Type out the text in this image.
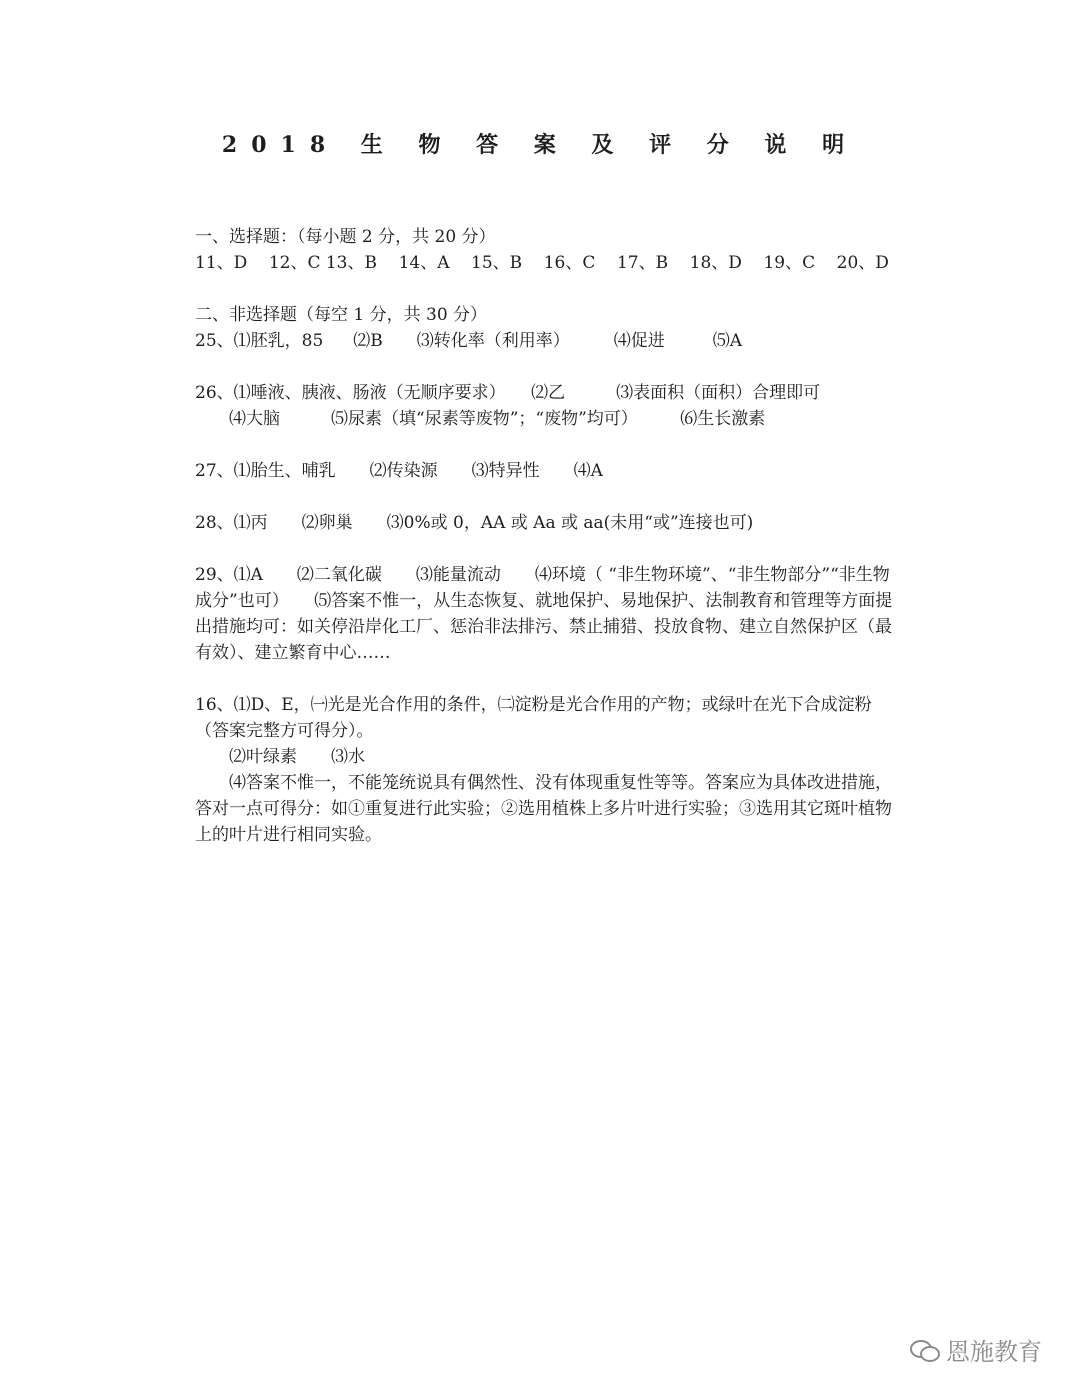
2018 生 物 答 案 及 评 分 说 明
一、选择题：（每小题 2 分，共 20 分）
11、D 12、C 13、B 14、A 15、B 16、C 17、B 18、D 19、C 20、D
二、非选择题（每空 1 分，共 30 分）
25、⑴胚乳，85 ⑵B ⑶转化率（利用率）	⑷促进	⑸A
26、⑴唾液、胰液、肠液（无顺序要求）　　⑵乙　　　⑶表面积（面积）合理即可
⑷大脑　　　⑸尿素（填“尿素等废物”；“废物”均可）　　　⑹生长激素
27、⑴胎生、哺乳　　⑵传染源　　⑶特异性　　⑷A
28、⑴丙　　⑵卵巢　　⑶0%或 0，AA 或 Aa 或 aa(未用“或”连接也可)
29、⑴A　　⑵二氧化碳　　⑶能量流动　　⑷环境（ “非生物环境”、“非生物部分”“非生物成分”也可）　　⑸答案不惟一，从生态恢复、就地保护、易地保护、法制教育和管理等方面提出措施均可：如关停沿岸化工厂、惩治非法排污、禁止捕猎、投放食物、建立自然保护区（最有效）、建立繁育中心……
16、⑴D、E，㈠光是光合作用的条件，㈡淀粉是光合作用的产物；或绿叶在光下合成淀粉（答案完整方可得分）。
⑵叶绿素　　⑶水
⑷答案不惟一，不能笼统说具有偶然性、没有体现重复性等等。答案应为具体改进措施，答对一点可得分：如①重复进行此实验；②选用植株上多片叶进行实验；③选用其它斑叶植物上的叶片进行相同实验。
恩施教育
